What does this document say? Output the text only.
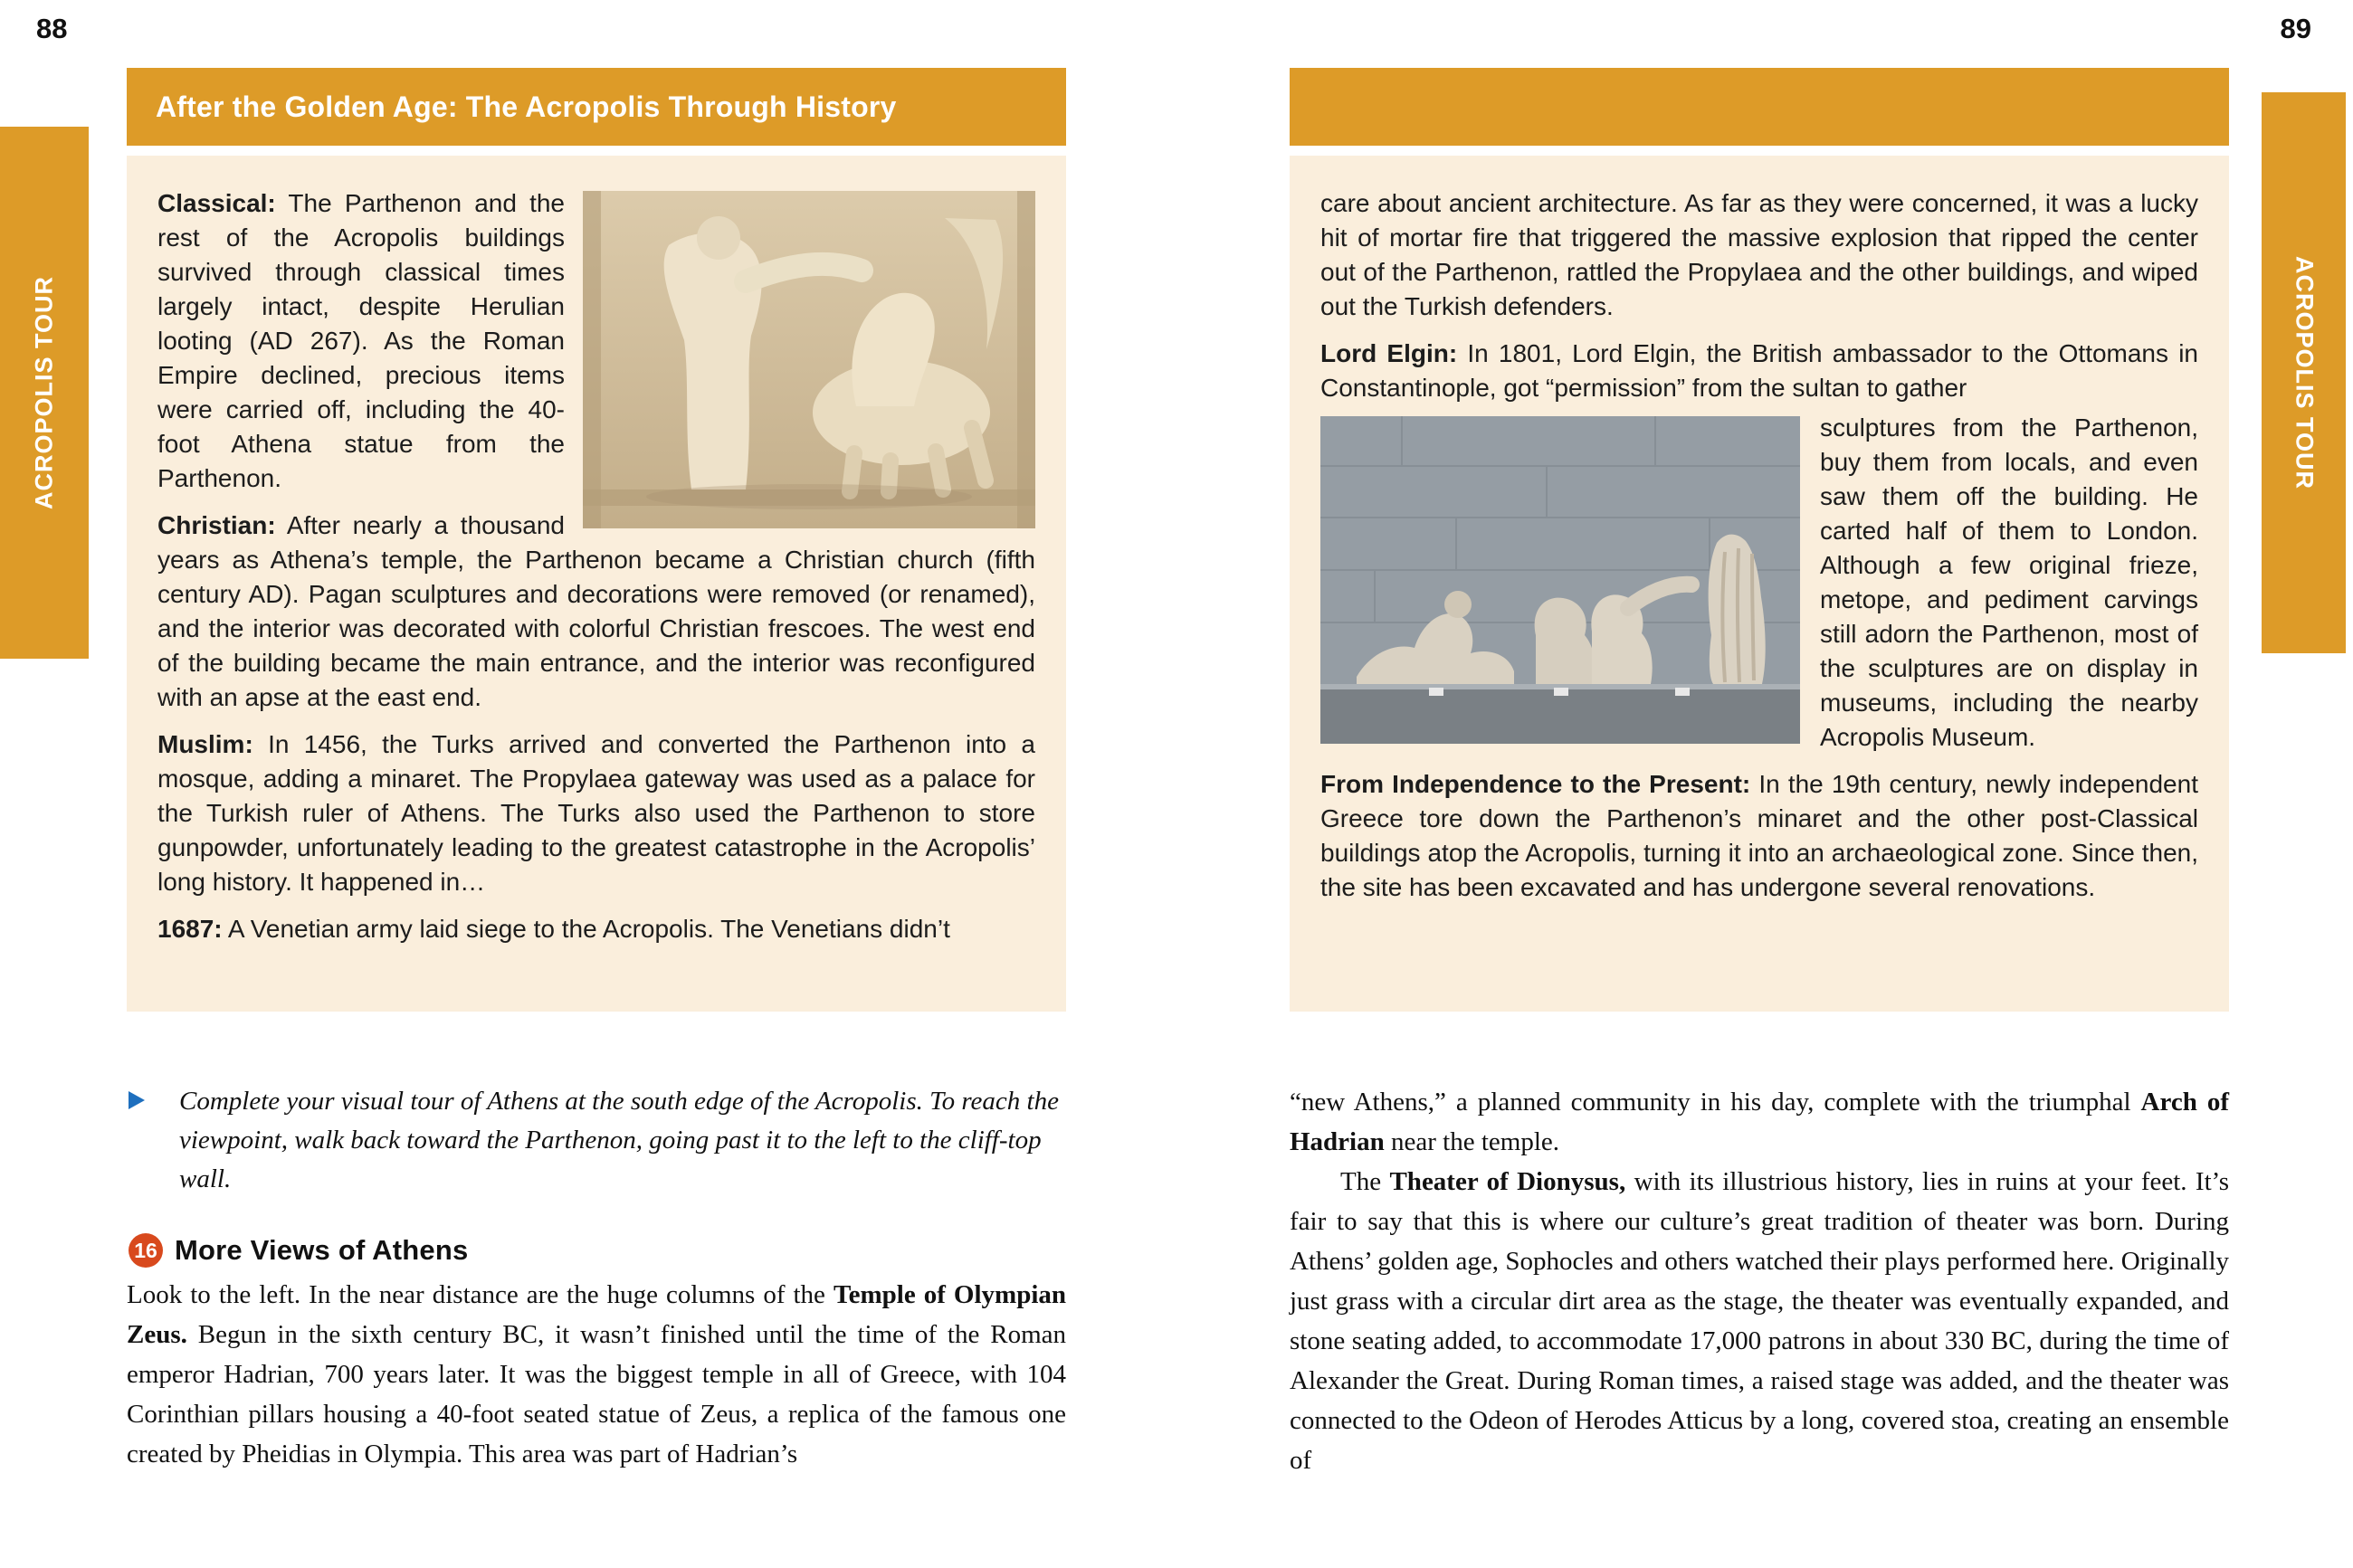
88	89
ACROPOLIS TOUR	ACROPOLIS TOUR
After the Golden Age: The Acropolis Through History

Classical: The Parthenon and the rest of the Acropolis buildings survived through classical times largely intact, despite Herulian looting (AD 267). As the Roman Empire declined, precious items were carried off, including the 40-foot Athena statue from the Parthenon.

Christian: After nearly a thousand years as Athena’s temple, the Parthenon became a Christian church (fifth century AD). Pagan sculptures and decorations were removed (or renamed), and the interior was decorated with colorful Christian frescoes. The west end of the building became the main entrance, and the interior was reconfigured with an apse at the east end.

Muslim: In 1456, the Turks arrived and converted the Parthenon into a mosque, adding a minaret. The Propylaea gateway was used as a palace for the Turkish ruler of Athens. The Turks also used the Parthenon to store gunpowder, unfortunately leading to the greatest catastrophe in the Acropolis’ long history. It happened in…

1687: A Venetian army laid siege to the Acropolis. The Venetians didn’t

Complete your visual tour of Athens at the south edge of the Acropolis. To reach the viewpoint, walk back toward the Parthenon, going past it to the left to the cliff-top wall.

16 More Views of Athens

Look to the left. In the near distance are the huge columns of the Temple of Olympian Zeus. Begun in the sixth century BC, it wasn’t finished until the time of the Roman emperor Hadrian, 700 years later. It was the biggest temple in all of Greece, with 104 Corinthian pillars housing a 40-foot seated statue of Zeus, a replica of the famous one created by Pheidias in Olympia. This area was part of Hadrian’s

care about ancient architecture. As far as they were concerned, it was a lucky hit of mortar fire that triggered the massive explosion that ripped the center out of the Parthenon, rattled the Propylaea and the other buildings, and wiped out the Turkish defenders.

Lord Elgin: In 1801, Lord Elgin, the British ambassador to the Ottomans in Constantinople, got “permission” from the sultan to gather

sculptures from the Parthenon, buy them from locals, and even saw them off the building. He carted half of them to London. Although a few original frieze, metope, and pediment carvings still adorn the Parthenon, most of the sculptures are on display in museums, including the nearby Acropolis Museum.

From Independence to the Present: In the 19th century, newly independent Greece tore down the Parthenon’s minaret and the other post-Classical buildings atop the Acropolis, turning it into an archaeological zone. Since then, the site has been excavated and has undergone several renovations.

“new Athens,” a planned community in his day, complete with the triumphal Arch of Hadrian near the temple.

The Theater of Dionysus, with its illustrious history, lies in ruins at your feet. It’s fair to say that this is where our culture’s great tradition of theater was born. During Athens’ golden age, Sophocles and others watched their plays performed here. Originally just grass with a circular dirt area as the stage, the theater was eventually expanded, and stone seating added, to accommodate 17,000 patrons in about 330 BC, during the time of Alexander the Great. During Roman times, a raised stage was added, and the theater was connected to the Odeon of Herodes Atticus by a long, covered stoa, creating an ensemble of
